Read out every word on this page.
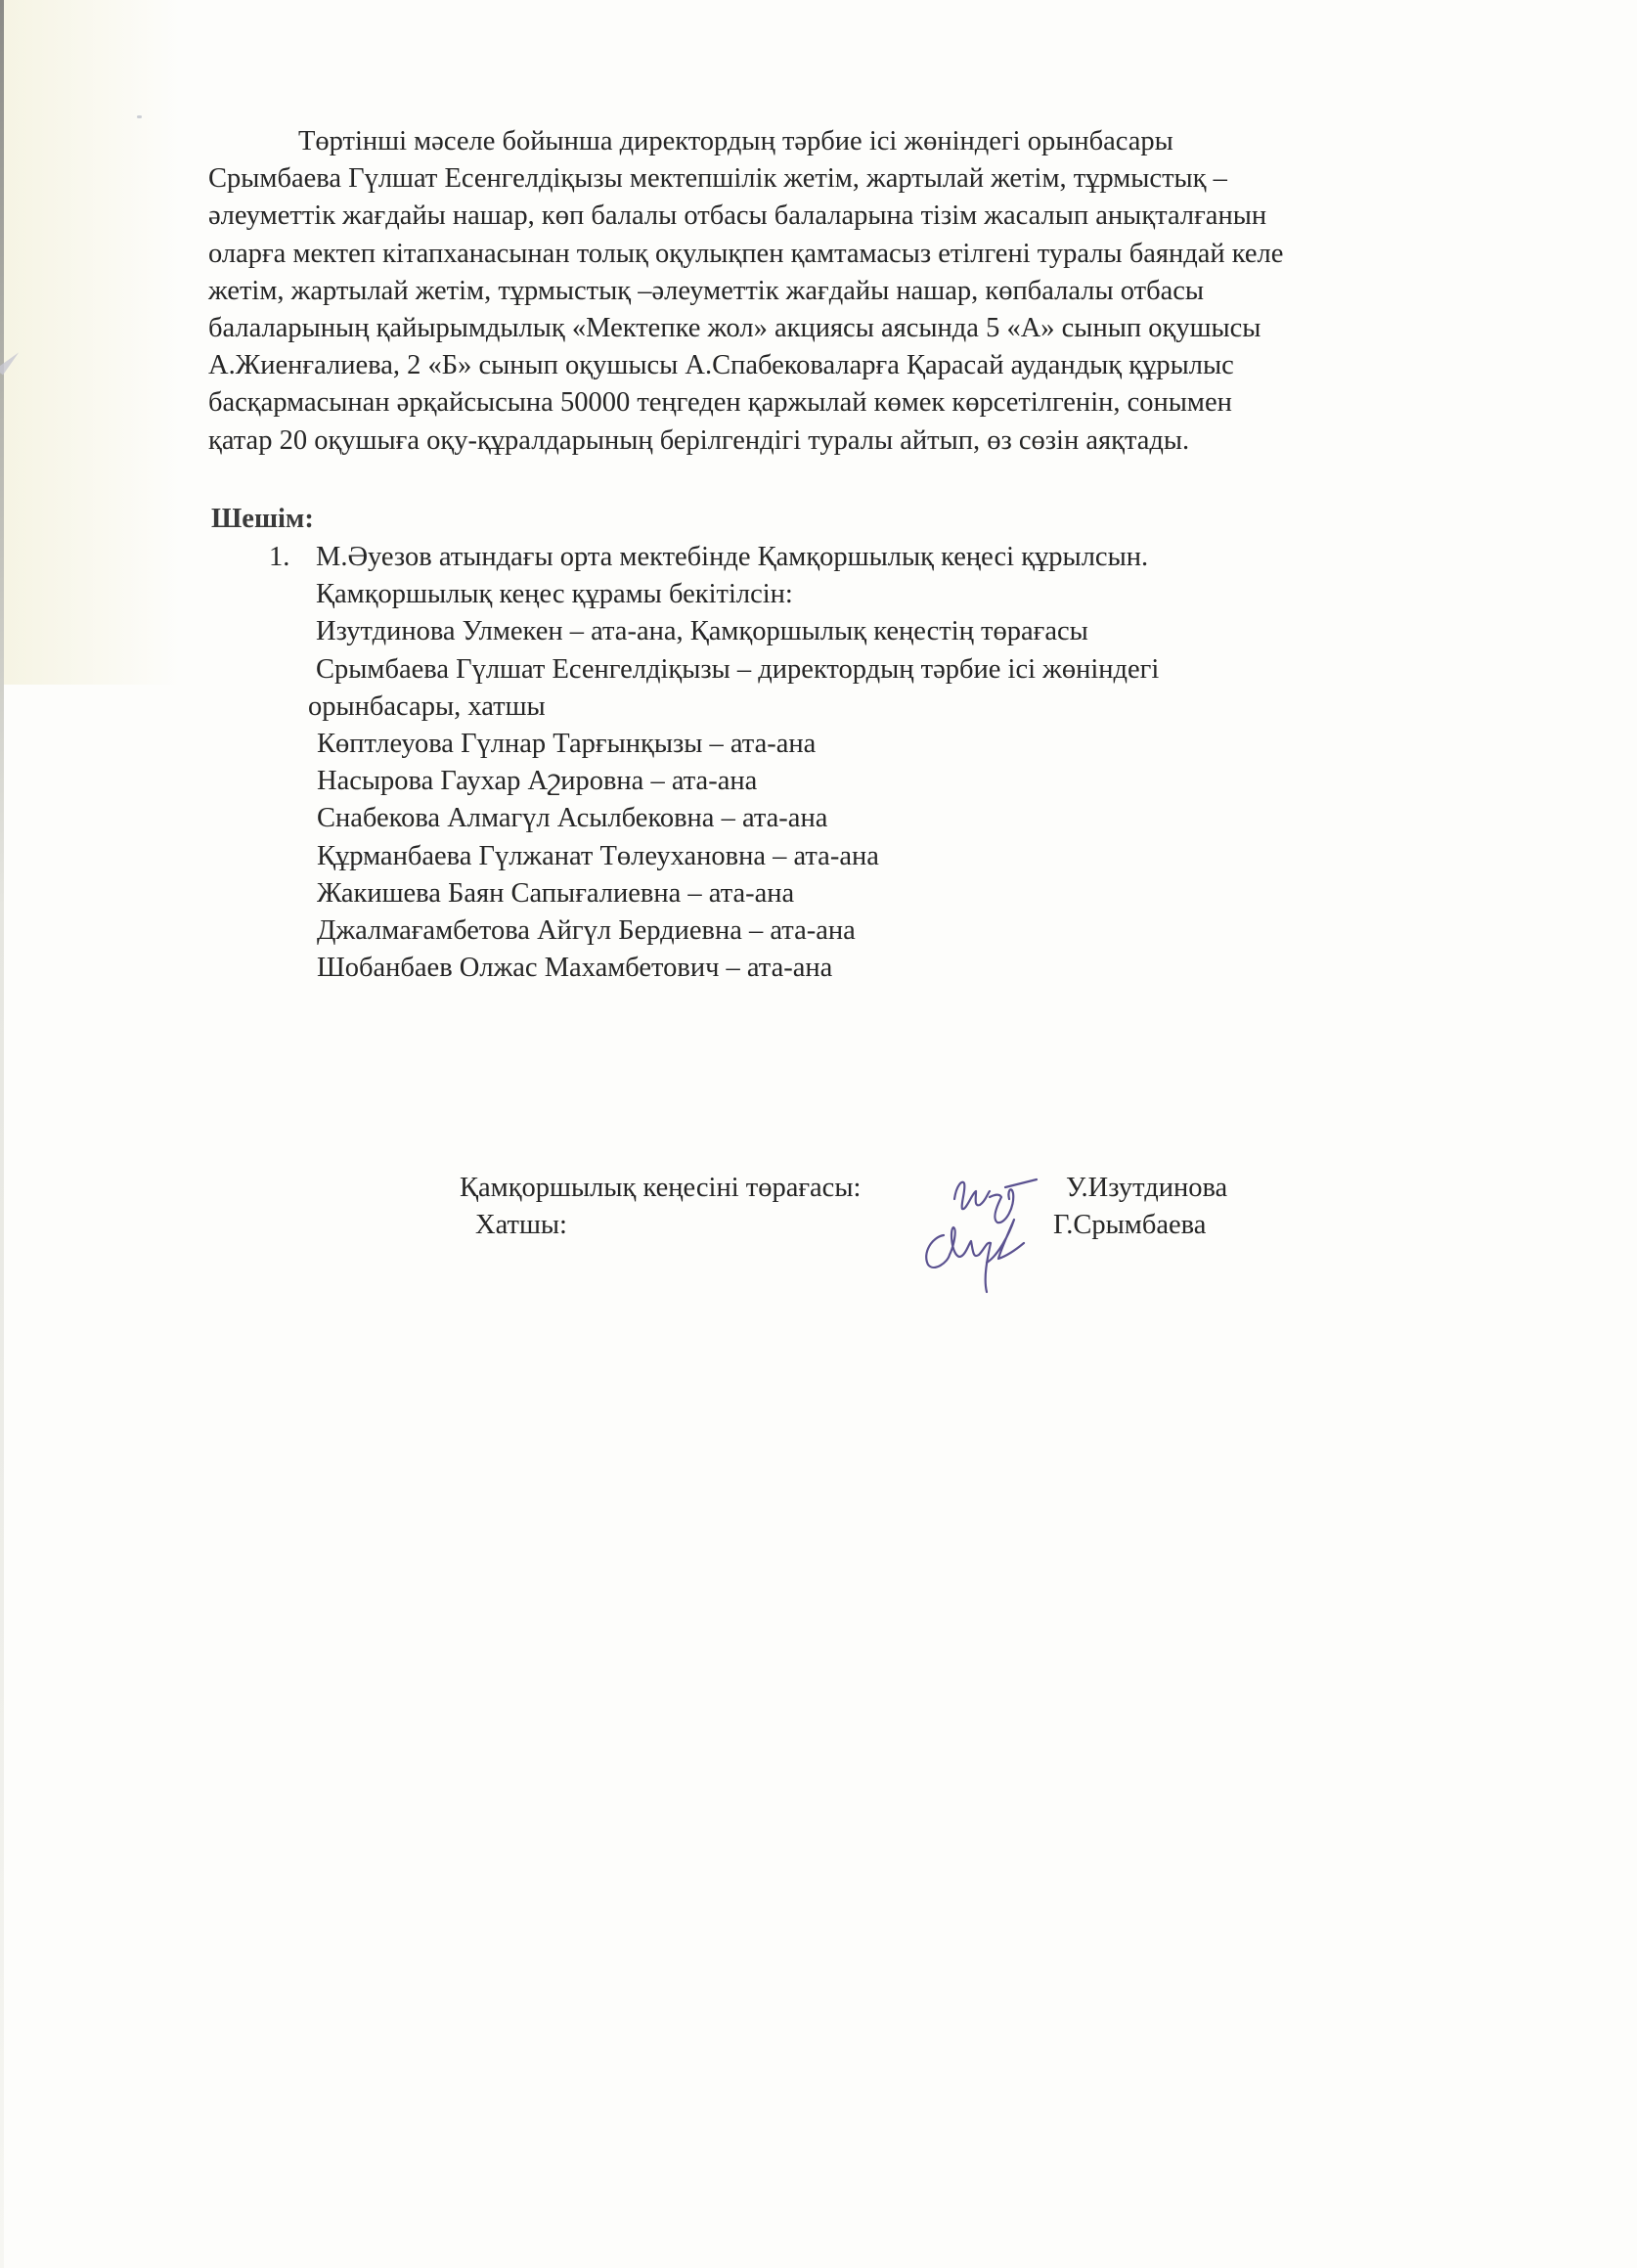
Төртінші мәселе бойынша директордың тәрбие ісі жөніндегі орынбасары
Срымбаева Гүлшат Есенгелдіқызы мектепшілік жетім, жартылай жетім, тұрмыстық –
әлеуметтік жағдайы нашар, көп балалы отбасы балаларына тізім жасалып анықталғанын
оларға мектеп кітапханасынан толық оқулықпен қамтамасыз етілгені туралы баяндай келе
жетім, жартылай жетім, тұрмыстық –әлеуметтік жағдайы нашар, көпбалалы отбасы
балаларының қайырымдылық «Мектепке жол» акциясы аясында 5 «А» сынып оқушысы
А.Жиенғалиева, 2 «Б» сынып оқушысы А.Спабековаларға Қарасай аудандық құрылыс
басқармасынан әрқайсысына 50000 теңгеден қаржылай көмек көрсетілгенін, сонымен
қатар 20 оқушыға оқу-құралдарының берілгендігі туралы айтып, өз сөзін аяқтады.
Шешім:
1. М.Әуезов атындағы орта мектебінде Қамқоршылық кеңесі құрылсын.
Қамқоршылық кеңес құрамы бекітілсін:
Изутдинова Улмекен – ата-ана, Қамқоршылық кеңестің төрағасы
Срымбаева Гүлшат Есенгелдіқызы – директордың тәрбие ісі жөніндегі
орынбасары, хатшы
Көптлеуова Гүлнар Тарғынқызы – ата-ана
Насырова Гаухар Аշировна – ата-ана
Снабекова Алмагүл Асылбековна – ата-ана
Құрманбаева Гүлжанат Төлеухановна – ата-ана
Жакишева Баян Сапығалиевна – ата-ана
Джалмағамбетова Айгүл Бердиевна – ата-ана
Шобанбаев Олжас Махамбетович – ата-ана
Қамқоршылық кеңесіні төрағасы:
Хатшы:
У.Изутдинова
Г.Срымбаева
